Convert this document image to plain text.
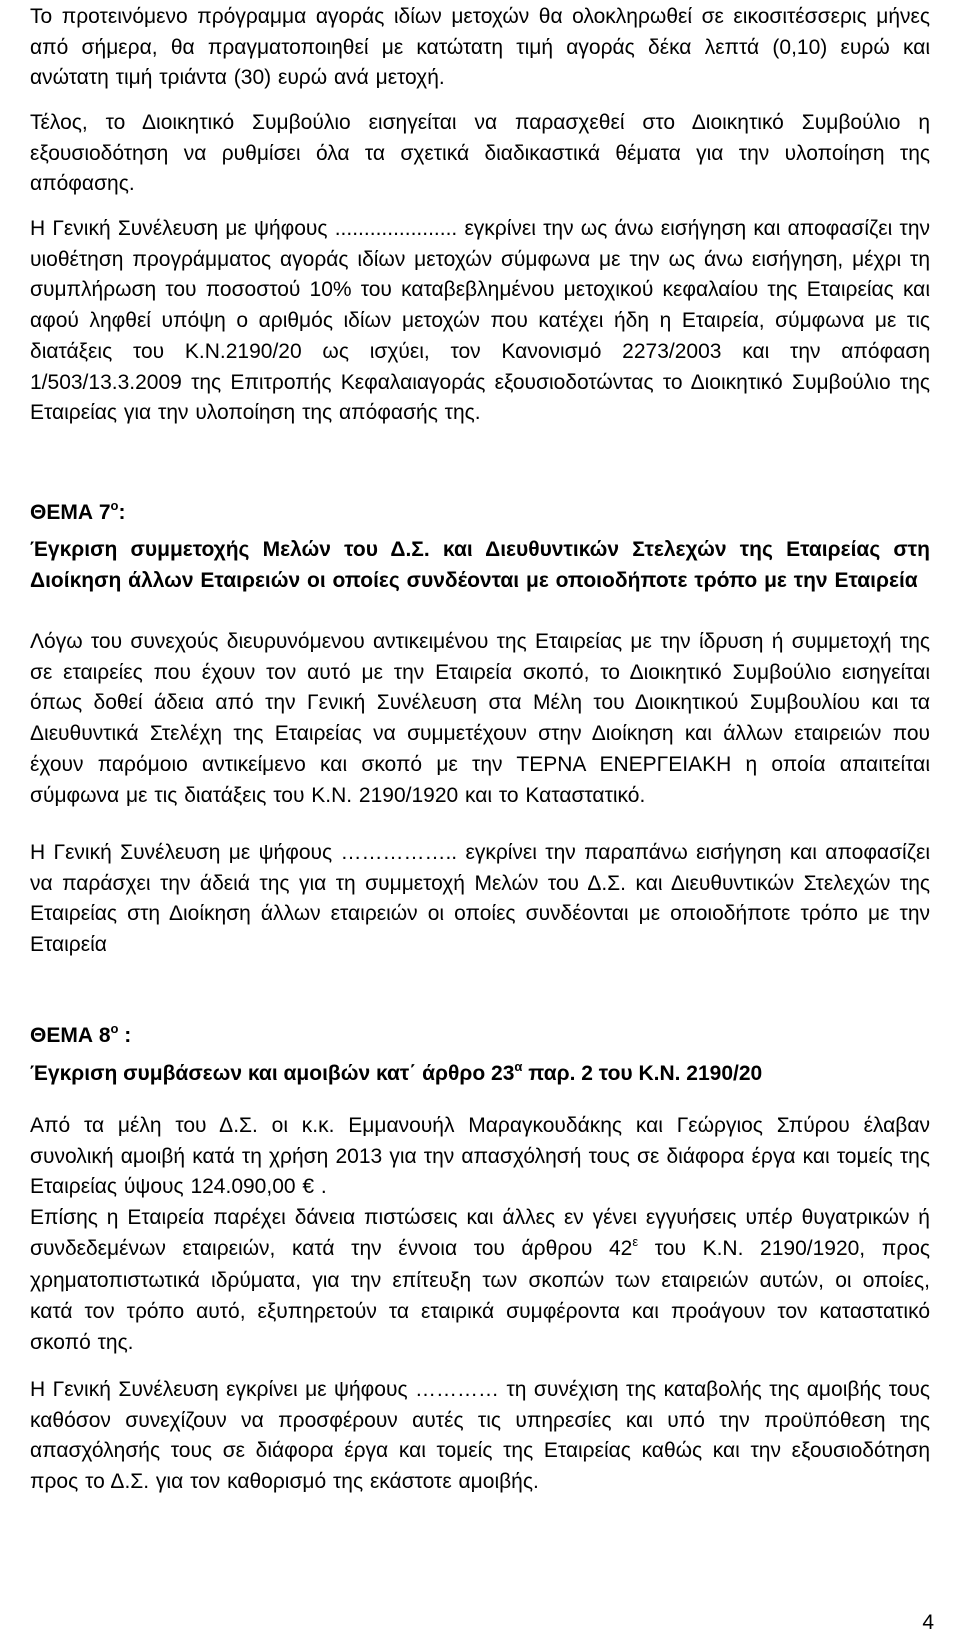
Το προτεινόμενο πρόγραμμα αγοράς ιδίων μετοχών θα ολοκληρωθεί σε εικοσιτέσσερις μήνες από σήμερα, θα πραγματοποιηθεί με κατώτατη τιμή αγοράς δέκα λεπτά (0,10) ευρώ και ανώτατη τιμή τριάντα (30) ευρώ ανά μετοχή.

Τέλος, το Διοικητικό Συμβούλιο εισηγείται να παρασχεθεί στο Διοικητικό Συμβούλιο η εξουσιοδότηση να ρυθμίσει όλα τα σχετικά διαδικαστικά θέματα για την υλοποίηση της απόφασης.

Η Γενική Συνέλευση με ψήφους ..................... εγκρίνει την ως άνω εισήγηση και αποφασίζει την υιοθέτηση προγράμματος αγοράς ιδίων μετοχών σύμφωνα με την ως άνω εισήγηση, μέχρι τη συμπλήρωση του ποσοστού 10% του καταβεβλημένου μετοχικού κεφαλαίου της Εταιρείας και αφού ληφθεί υπόψη ο αριθμός ιδίων μετοχών που κατέχει ήδη η Εταιρεία, σύμφωνα με τις διατάξεις του Κ.Ν.2190/20 ως ισχύει, τον Κανονισμό 2273/2003 και την απόφαση 1/503/13.3.2009 της Επιτροπής Κεφαλαιαγοράς εξουσιοδοτώντας το Διοικητικό Συμβούλιο της Εταιρείας για την υλοποίηση της απόφασής της.

ΘΕΜΑ $7^o$:

Έγκριση συμμετοχής Μελών του Δ.Σ. και Διευθυντικών Στελεχών της Εταιρείας στη Διοίκηση άλλων Εταιρειών οι οποίες συνδέονται με οποιοδήποτε τρόπο με την Εταιρεία

Λόγω του συνεχούς διευρυνόμενου αντικειμένου της Εταιρείας με την ίδρυση ή συμμετοχή της σε εταιρείες που έχουν τον αυτό με την Εταιρεία σκοπό, το Διοικητικό Συμβούλιο εισηγείται όπως δοθεί άδεια από την Γενική Συνέλευση στα Μέλη του Διοικητικού Συμβουλίου και τα Διευθυντικά Στελέχη της Εταιρείας να συμμετέχουν στην Διοίκηση και άλλων εταιρειών που έχουν παρόμοιο αντικείμενο και σκοπό με την ΤΕΡΝΑ ΕΝΕΡΓΕΙΑΚΗ η οποία απαιτείται σύμφωνα με τις διατάξεις του Κ.Ν. 2190/1920 και το Καταστατικό.

Η Γενική Συνέλευση με ψήφους …………….. εγκρίνει την παραπάνω εισήγηση και αποφασίζει να παράσχει την άδειά της για τη συμμετοχή Μελών του Δ.Σ. και Διευθυντικών Στελεχών της Εταιρείας στη Διοίκηση άλλων εταιρειών οι οποίες συνδέονται με οποιοδήποτε τρόπο με την Εταιρεία

ΘΕΜΑ $8^o$ :

Έγκριση συμβάσεων και αμοιβών κατ΄ άρθρο $23^\alpha$ παρ. 2 του Κ.Ν. 2190/20

Από τα μέλη του Δ.Σ. οι κ.κ. Εμμανουήλ Μαραγκουδάκης και Γεώργιος Σπύρου έλαβαν συνολική αμοιβή κατά τη χρήση 2013 για την απασχόλησή τους σε διάφορα έργα και τομείς της Εταιρείας ύψους 124.090,00 € .

Επίσης η Εταιρεία παρέχει δάνεια πιστώσεις και άλλες εν γένει εγγυήσεις υπέρ θυγατρικών ή συνδεδεμένων εταιρειών, κατά την έννοια του άρθρου $42^\varepsilon$ του Κ.Ν. 2190/1920, προς χρηματοπιστωτικά ιδρύματα, για την επίτευξη των σκοπών των εταιρειών αυτών, οι οποίες, κατά τον τρόπο αυτό, εξυπηρετούν τα εταιρικά συμφέροντα και προάγουν τον καταστατικό σκοπό της.

Η Γενική Συνέλευση εγκρίνει με ψήφους ………… τη συνέχιση της καταβολής της αμοιβής τους καθόσον συνεχίζουν να προσφέρουν αυτές τις υπηρεσίες και υπό την προϋπόθεση της απασχόλησής τους σε διάφορα έργα και τομείς της Εταιρείας καθώς και την εξουσιοδότηση προς το Δ.Σ. για τον καθορισμό της εκάστοτε αμοιβής.

4
